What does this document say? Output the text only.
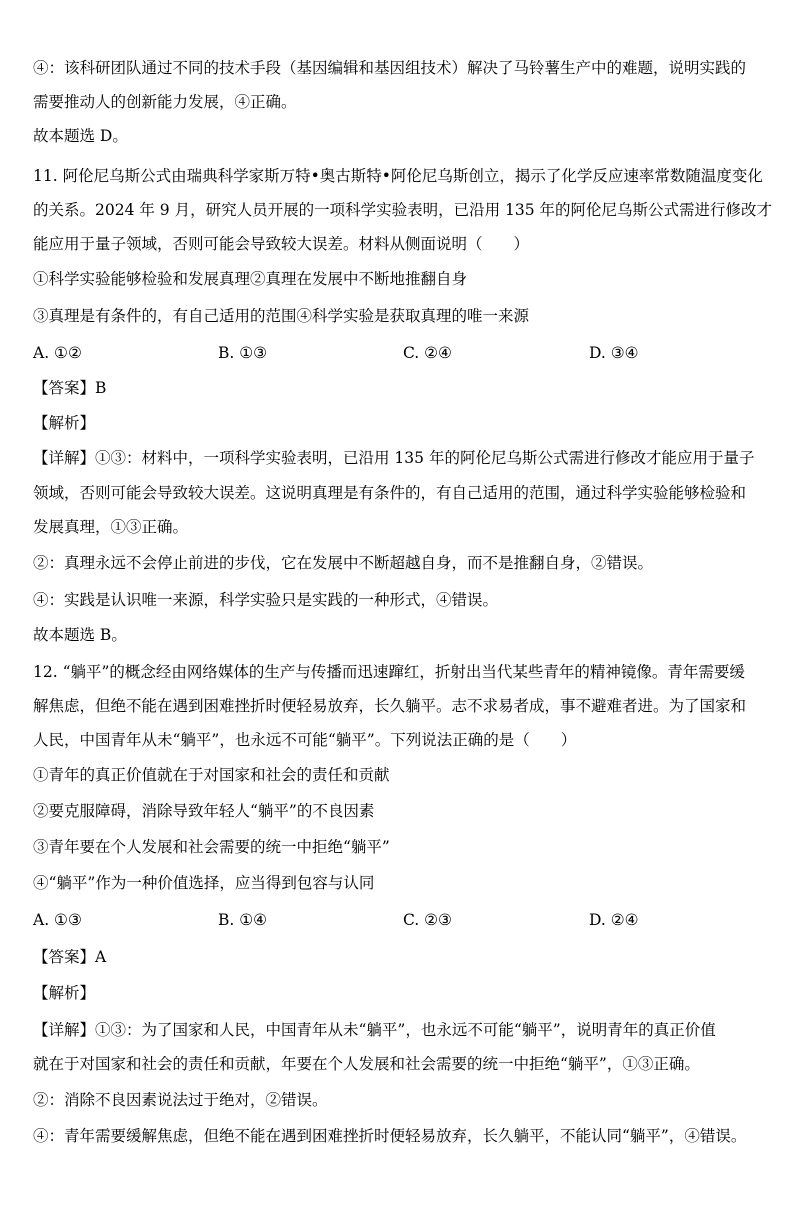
④：该科研团队通过不同的技术手段（基因编辑和基因组技术）解决了马铃薯生产中的难题，说明实践的
需要推动人的创新能力发展，④正确。
故本题选 D。
11. 阿伦尼乌斯公式由瑞典科学家斯万特•奥古斯特•阿伦尼乌斯创立，揭示了化学反应速率常数随温度变化
的关系。2024 年 9 月，研究人员开展的一项科学实验表明，已沿用 135 年的阿伦尼乌斯公式需进行修改才
能应用于量子领域，否则可能会导致较大误差。材料从侧面说明（　　）
①科学实验能够检验和发展真理②真理在发展中不断地推翻自身
③真理是有条件的，有自己适用的范围④科学实验是获取真理的唯一来源
A. ①②	B. ①③	C. ②④	D. ③④
【答案】B
【解析】
【详解】①③：材料中，一项科学实验表明，已沿用 135 年的阿伦尼乌斯公式需进行修改才能应用于量子
领域，否则可能会导致较大误差。这说明真理是有条件的，有自己适用的范围，通过科学实验能够检验和
发展真理，①③正确。
②：真理永远不会停止前进的步伐，它在发展中不断超越自身，而不是推翻自身，②错误。
④：实践是认识唯一来源，科学实验只是实践的一种形式，④错误。
故本题选 B。
12. “躺平”的概念经由网络媒体的生产与传播而迅速蹿红，折射出当代某些青年的精神镜像。青年需要缓
解焦虑，但绝不能在遇到困难挫折时便轻易放弃，长久躺平。志不求易者成，事不避难者进。为了国家和
人民，中国青年从未“躺平”，也永远不可能“躺平”。下列说法正确的是（　　）
①青年的真正价值就在于对国家和社会的责任和贡献
②要克服障碍，消除导致年轻人“躺平”的不良因素
③青年要在个人发展和社会需要的统一中拒绝“躺平”
④“躺平”作为一种价值选择，应当得到包容与认同
A. ①③	B. ①④	C. ②③	D. ②④
【答案】A
【解析】
【详解】①③：为了国家和人民，中国青年从未“躺平”，也永远不可能“躺平”，说明青年的真正价值
就在于对国家和社会的责任和贡献，年要在个人发展和社会需要的统一中拒绝“躺平”，①③正确。
②：消除不良因素说法过于绝对，②错误。
④：青年需要缓解焦虑，但绝不能在遇到困难挫折时便轻易放弃，长久躺平，不能认同“躺平”，④错误。
